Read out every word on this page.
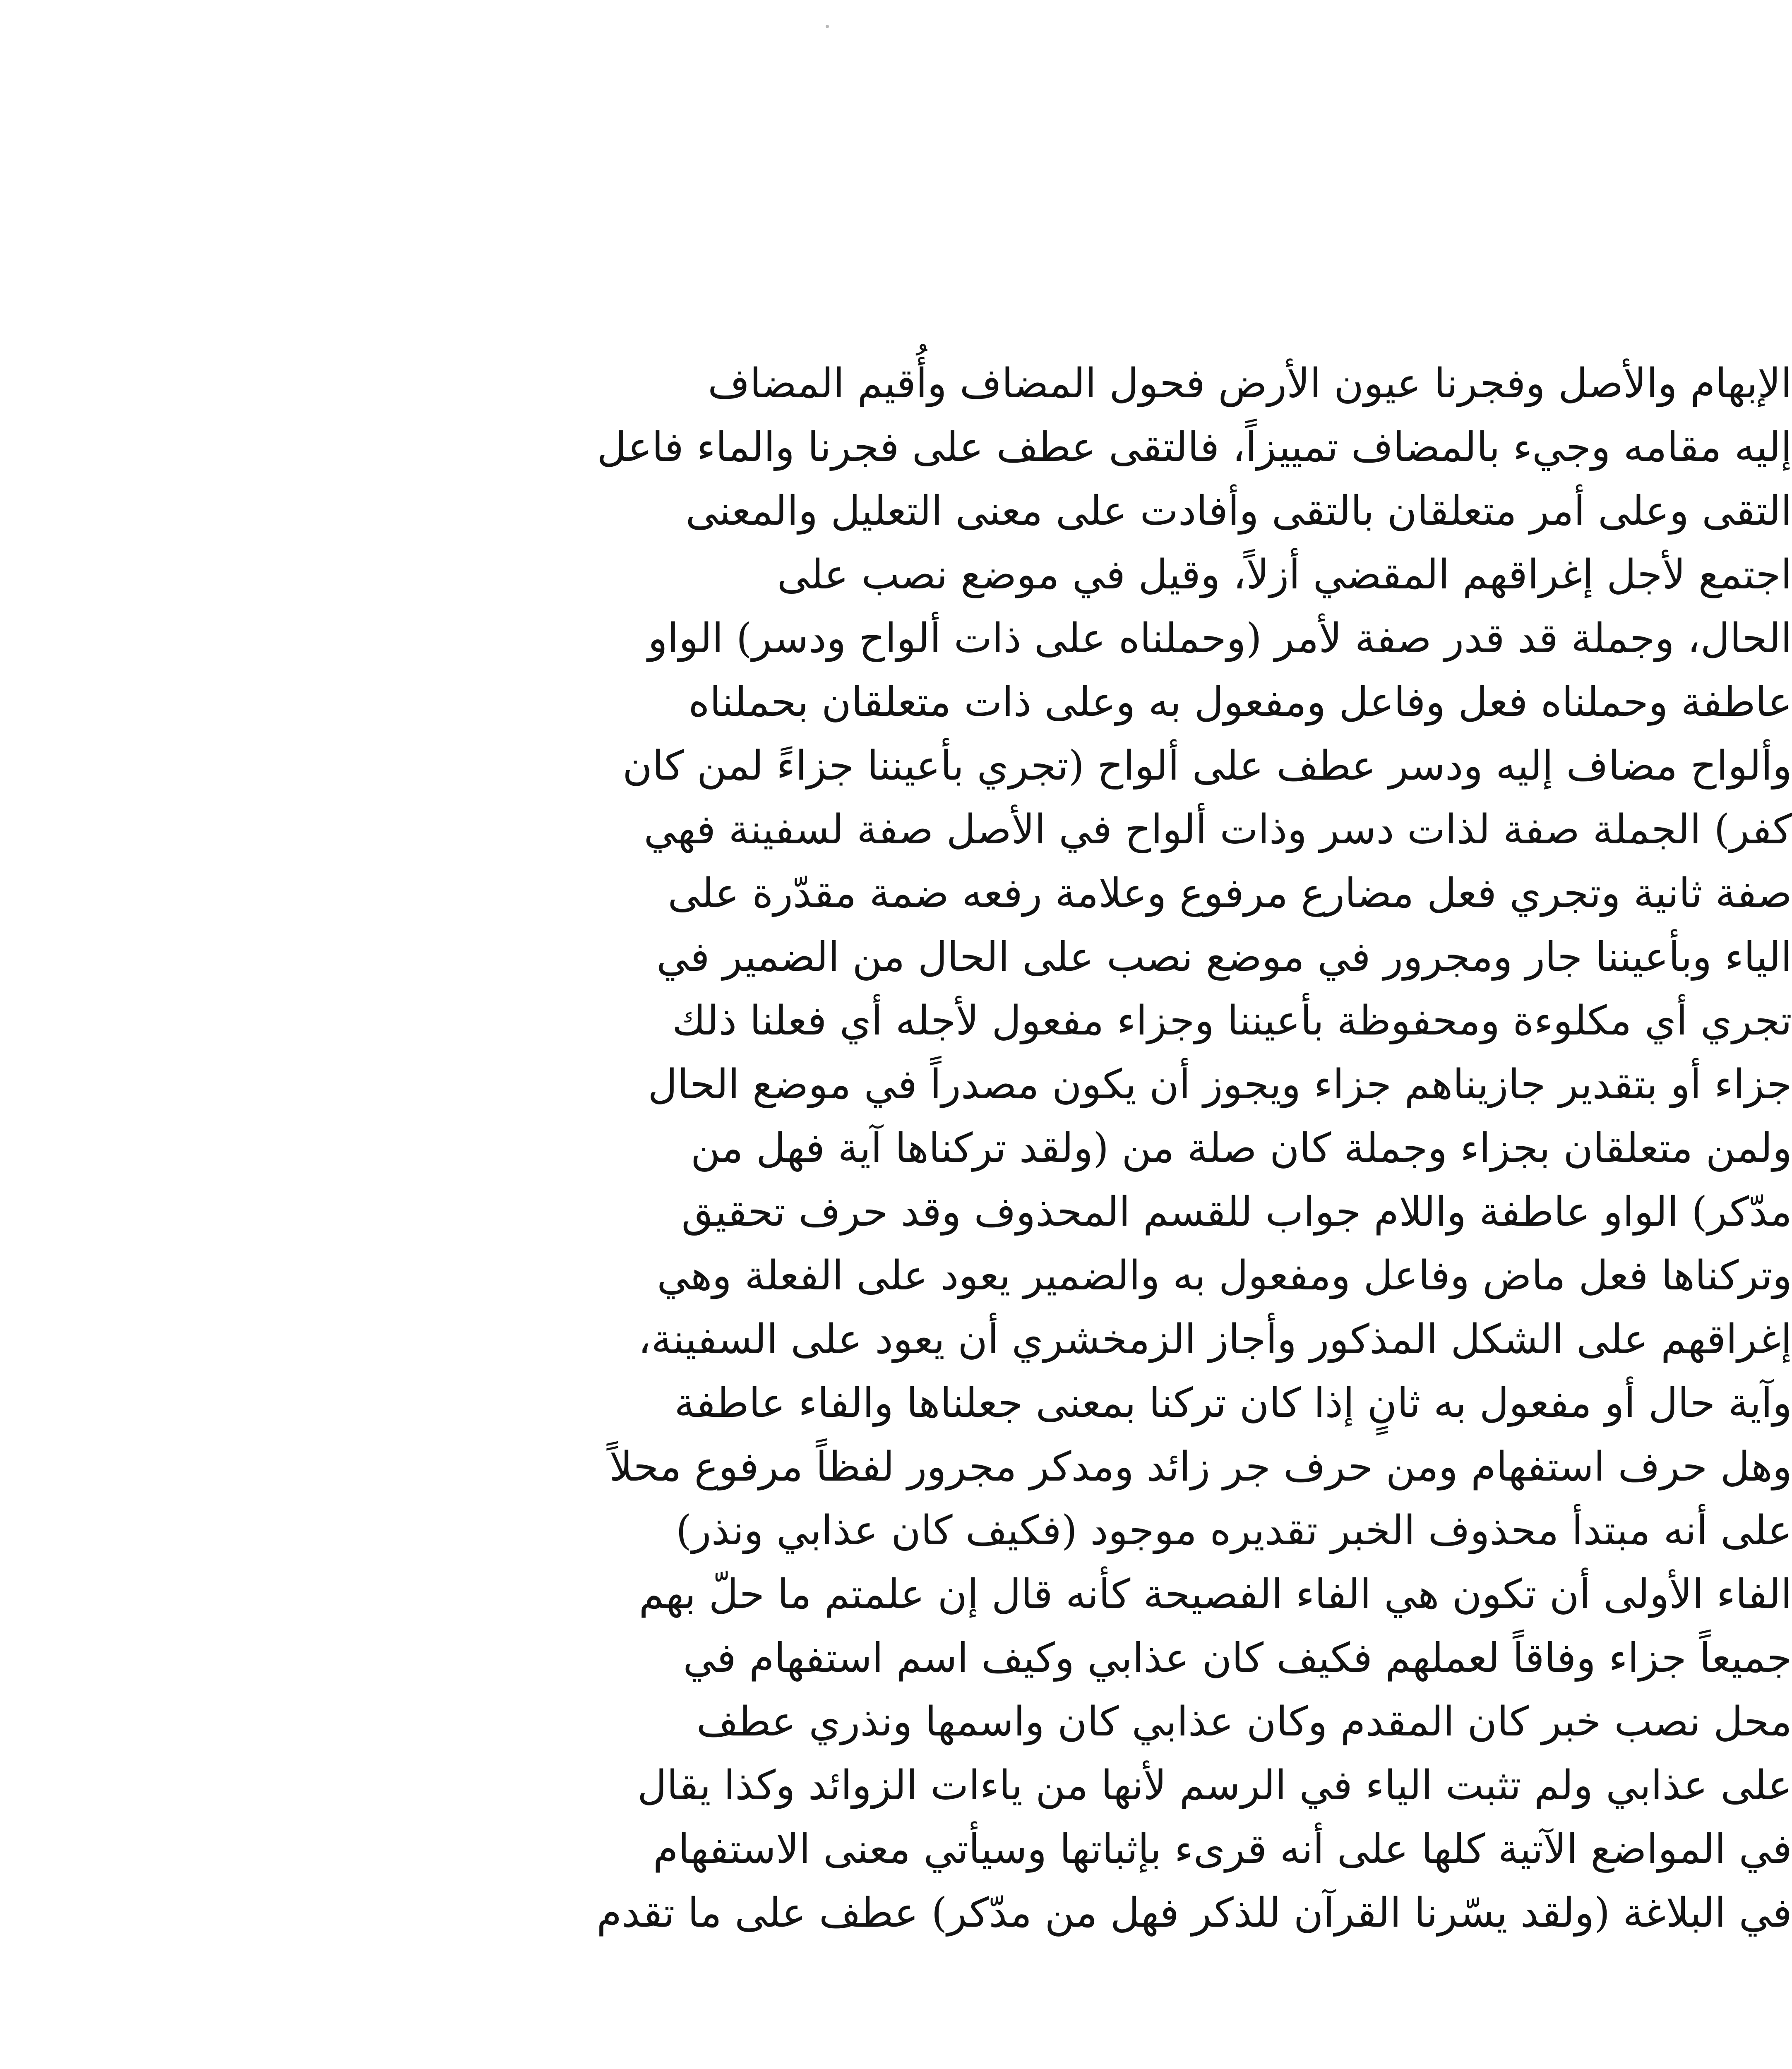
الإبهام والأصل وفجرنا عيون الأرض فحول المضاف وأُقيم المضاف
إليه مقامه وجيء بالمضاف تمييزاً، فالتقى عطف على فجرنا والماء فاعل
التقى وعلى أمر متعلقان بالتقى وأفادت على معنى التعليل والمعنى
اجتمع لأجل إغراقهم المقضي أزلاً، وقيل في موضع نصب على
الحال، وجملة قد قدر صفة لأمر (وحملناه على ذات ألواح ودسر) الواو
عاطفة وحملناه فعل وفاعل ومفعول به وعلى ذات متعلقان بحملناه
وألواح مضاف إليه ودسر عطف على ألواح (تجري بأعيننا جزاءً لمن كان
كفر) الجملة صفة لذات دسر وذات ألواح في الأصل صفة لسفينة فهي
صفة ثانية وتجري فعل مضارع مرفوع وعلامة رفعه ضمة مقدّرة على
الياء وبأعيننا جار ومجرور في موضع نصب على الحال من الضمير في
تجري أي مكلوءة ومحفوظة بأعيننا وجزاء مفعول لأجله أي فعلنا ذلك
جزاء أو بتقدير جازيناهم جزاء ويجوز أن يكون مصدراً في موضع الحال
ولمن متعلقان بجزاء وجملة كان صلة من (ولقد تركناها آية فهل من
مدّكر) الواو عاطفة واللام جواب للقسم المحذوف وقد حرف تحقيق
وتركناها فعل ماض وفاعل ومفعول به والضمير يعود على الفعلة وهي
إغراقهم على الشكل المذكور وأجاز الزمخشري أن يعود على السفينة،
وآية حال أو مفعول به ثانٍ إذا كان تركنا بمعنى جعلناها والفاء عاطفة
وهل حرف استفهام ومن حرف جر زائد ومدكر مجرور لفظاً مرفوع محلاً
على أنه مبتدأ محذوف الخبر تقديره موجود (فكيف كان عذابي ونذر)
الفاء الأولى أن تكون هي الفاء الفصيحة كأنه قال إن علمتم ما حلّ بهم
جميعاً جزاء وفاقاً لعملهم فكيف كان عذابي وكيف اسم استفهام في
محل نصب خبر كان المقدم وكان عذابي كان واسمها ونذري عطف
على عذابي ولم تثبت الياء في الرسم لأنها من ياءات الزوائد وكذا يقال
في المواضع الآتية كلها على أنه قرىء بإثباتها وسيأتي معنى الاستفهام
في البلاغة (ولقد يسّرنا القرآن للذكر فهل من مدّكر) عطف على ما تقدم
